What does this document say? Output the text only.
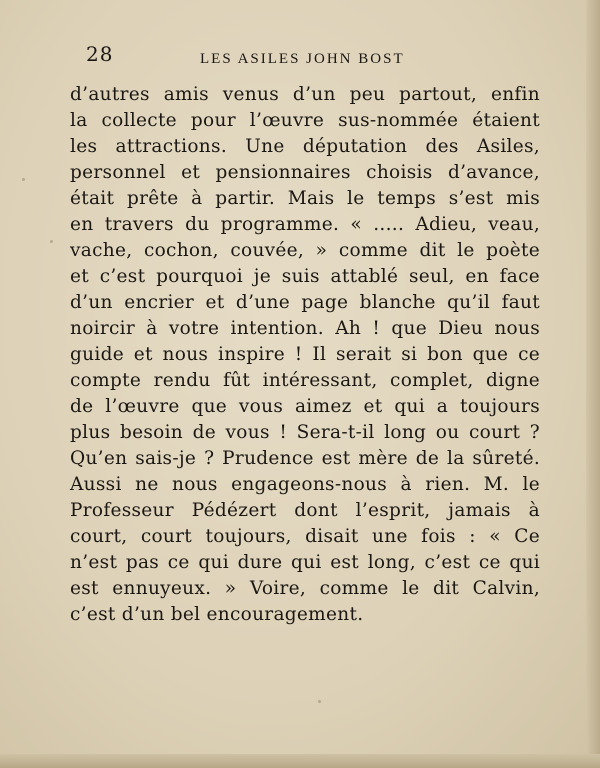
28	LES ASILES JOHN BOST
d’autres amis venus d’un peu partout, enfin
la collecte pour l’œuvre sus-nommée étaient
les attractions. Une députation des Asiles,
personnel et pensionnaires choisis d’avance,
était prête à partir. Mais le temps s’est mis
en travers du programme. « ..... Adieu, veau,
vache, cochon, couvée, » comme dit le poète
et c’est pourquoi je suis attablé seul, en face
d’un encrier et d’une page blanche qu’il faut
noircir à votre intention. Ah ! que Dieu nous
guide et nous inspire ! Il serait si bon que ce
compte rendu fût intéressant, complet, digne
de l’œuvre que vous aimez et qui a toujours
plus besoin de vous ! Sera-t-il long ou court ?
Qu’en sais-je ? Prudence est mère de la sûreté.
Aussi ne nous engageons-nous à rien. M. le
Professeur Pédézert dont l’esprit, jamais à
court, court toujours, disait une fois : « Ce
n’est pas ce qui dure qui est long, c’est ce qui
est ennuyeux. » Voire, comme le dit Calvin,
c’est d’un bel encouragement.
